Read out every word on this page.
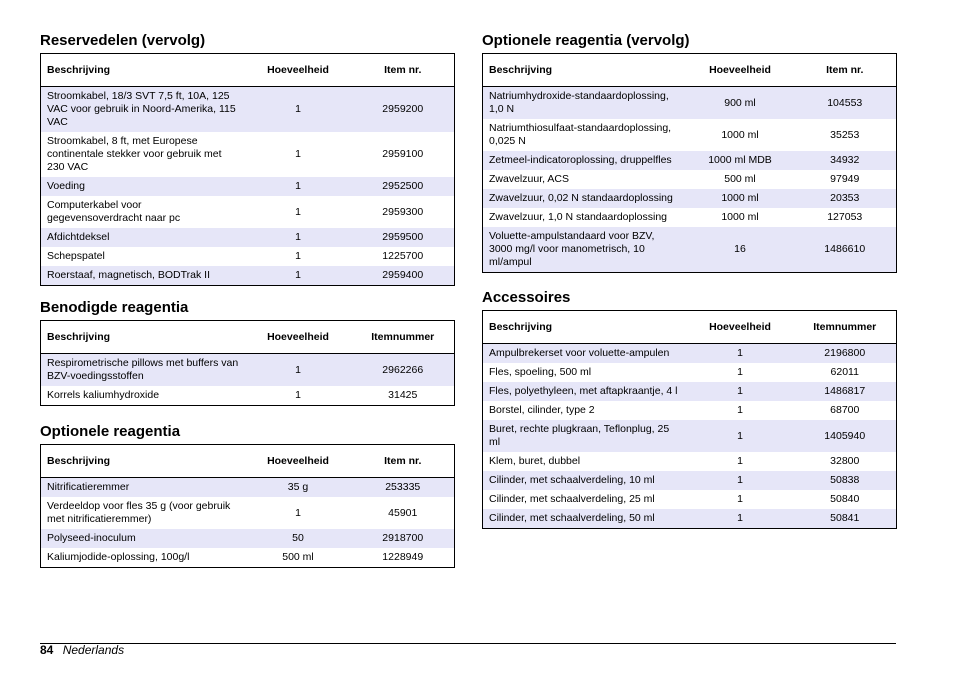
Reservedelen (vervolg)
Beschrijving	Hoeveelheid	Item nr.
Stroomkabel, 18/3 SVT 7,5 ft, 10A, 125 VAC voor gebruik in Noord-Amerika, 115 VAC	1	2959200
Stroomkabel, 8 ft, met Europese continentale stekker voor gebruik met 230 VAC	1	2959100
Voeding	1	2952500
Computerkabel voor gegevensoverdracht naar pc	1	2959300
Afdichtdeksel	1	2959500
Schepspatel	1	1225700
Roerstaaf, magnetisch, BODTrak II	1	2959400
Benodigde reagentia
Beschrijving	Hoeveelheid	Itemnummer
Respirometrische pillows met buffers van BZV-voedingsstoffen	1	2962266
Korrels kaliumhydroxide	1	31425
Optionele reagentia
Beschrijving	Hoeveelheid	Item nr.
Nitrificatieremmer	35 g	253335
Verdeeldop voor fles 35 g (voor gebruik met nitrificatieremmer)	1	45901
Polyseed-inoculum	50	2918700
Kaliumjodide-oplossing, 100g/l	500 ml	1228949
Optionele reagentia (vervolg)
Beschrijving	Hoeveelheid	Item nr.
Natriumhydroxide-standaardoplossing, 1,0 N	900 ml	104553
Natriumthiosulfaat-standaardoplossing, 0,025 N	1000 ml	35253
Zetmeel-indicatoroplossing, druppelfles	1000 ml MDB	34932
Zwavelzuur, ACS	500 ml	97949
Zwavelzuur, 0,02 N standaardoplossing	1000 ml	20353
Zwavelzuur, 1,0 N standaardoplossing	1000 ml	127053
Voluette-ampulstandaard voor BZV, 3000 mg/l voor manometrisch, 10 ml/ampul	16	1486610
Accessoires
Beschrijving	Hoeveelheid	Itemnummer
Ampulbrekerset voor voluette-ampulen	1	2196800
Fles, spoeling, 500 ml	1	62011
Fles, polyethyleen, met aftapkraantje, 4 l	1	1486817
Borstel, cilinder, type 2	1	68700
Buret, rechte plugkraan, Teflonplug, 25 ml	1	1405940
Klem, buret, dubbel	1	32800
Cilinder, met schaalverdeling, 10 ml	1	50838
Cilinder, met schaalverdeling, 25 ml	1	50840
Cilinder, met schaalverdeling, 50 ml	1	50841
84 Nederlands
